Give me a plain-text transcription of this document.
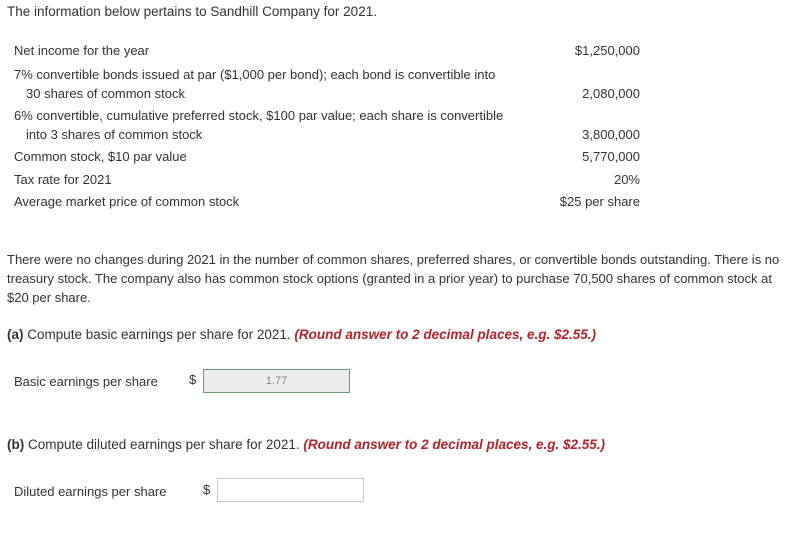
The information below pertains to Sandhill Company for 2021.
Net income for the year	$1,250,000
7% convertible bonds issued at par ($1,000 per bond); each bond is convertible into
30 shares of common stock	2,080,000
6% convertible, cumulative preferred stock, $100 par value; each share is convertible
into 3 shares of common stock	3,800,000
Common stock, $10 par value	5,770,000
Tax rate for 2021	20%
Average market price of common stock	$25 per share
There were no changes during 2021 in the number of common shares, preferred shares, or convertible bonds outstanding. There is no treasury stock. The company also has common stock options (granted in a prior year) to purchase 70,500 shares of common stock at $20 per share.
(a) Compute basic earnings per share for 2021. (Round answer to 2 decimal places, e.g. $2.55.)
Basic earnings per share $	1.77
(b) Compute diluted earnings per share for 2021. (Round answer to 2 decimal places, e.g. $2.55.)
Diluted earnings per share	$
